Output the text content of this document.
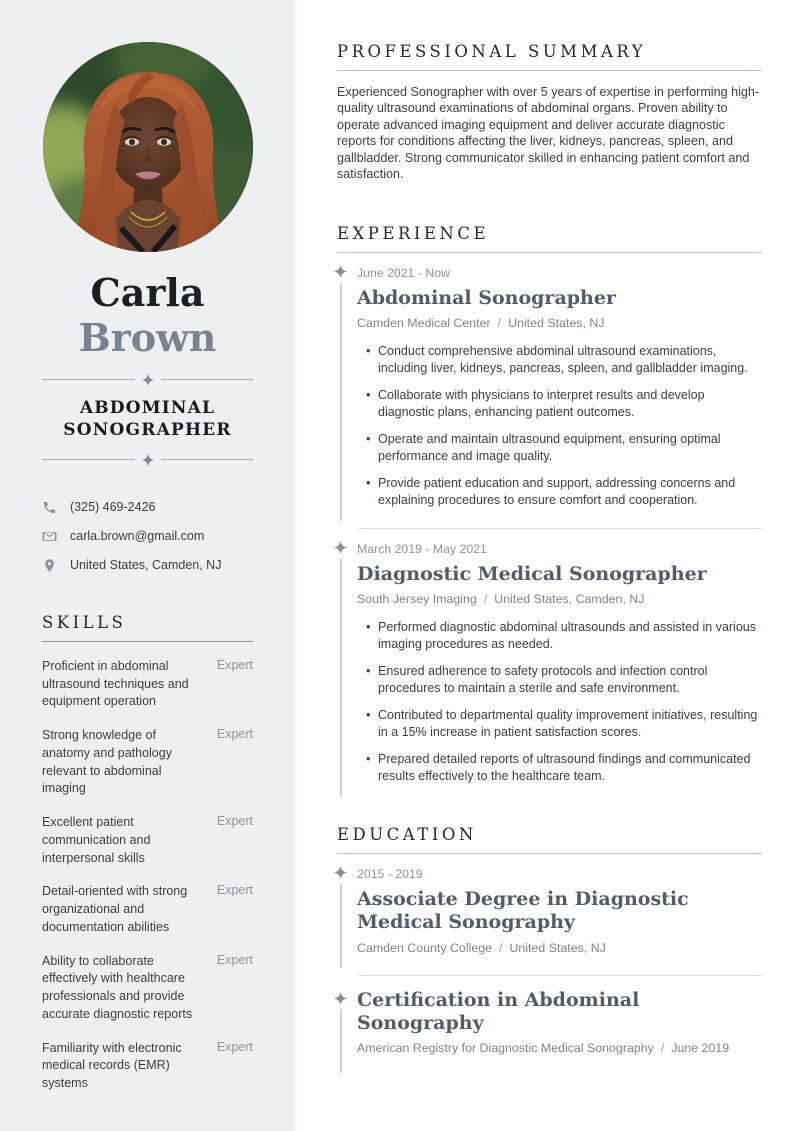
Carla
Brown
ABDOMINAL
SONOGRAPHER
(325) 469-2426
carla.brown@gmail.com
United States, Camden, NJ
SKILLS
Proficient in abdominal ultrasound techniques and equipment operation
Expert
Strong knowledge of anatomy and pathology relevant to abdominal imaging
Expert
Excellent patient communication and interpersonal skills
Expert
Detail-oriented with strong organizational and documentation abilities
Expert
Ability to collaborate effectively with healthcare professionals and provide accurate diagnostic reports
Expert
Familiarity with electronic medical records (EMR) systems
Expert
PROFESSIONAL SUMMARY

Experienced Sonographer with over 5 years of expertise in performing high-quality ultrasound examinations of abdominal organs. Proven ability to operate advanced imaging equipment and deliver accurate diagnostic reports for conditions affecting the liver, kidneys, pancreas, spleen, and gallbladder. Strong communicator skilled in enhancing patient comfort and satisfaction.

EXPERIENCE
June 2021 - Now
Abdominal Sonographer
Camden Medical Center / United States, NJ
• Conduct comprehensive abdominal ultrasound examinations, including liver, kidneys, pancreas, spleen, and gallbladder imaging.
• Collaborate with physicians to interpret results and develop diagnostic plans, enhancing patient outcomes.
• Operate and maintain ultrasound equipment, ensuring optimal performance and image quality.
• Provide patient education and support, addressing concerns and explaining procedures to ensure comfort and cooperation.
March 2019 - May 2021
Diagnostic Medical Sonographer
South Jersey Imaging / United States, Camden, NJ
• Performed diagnostic abdominal ultrasounds and assisted in various imaging procedures as needed.
• Ensured adherence to safety protocols and infection control procedures to maintain a sterile and safe environment.
• Contributed to departmental quality improvement initiatives, resulting in a 15% increase in patient satisfaction scores.
• Prepared detailed reports of ultrasound findings and communicated results effectively to the healthcare team.
EDUCATION
2015 - 2019
Associate Degree in Diagnostic Medical Sonography
Camden County College / United States, NJ
Certification in Abdominal Sonography
American Registry for Diagnostic Medical Sonography / June 2019
